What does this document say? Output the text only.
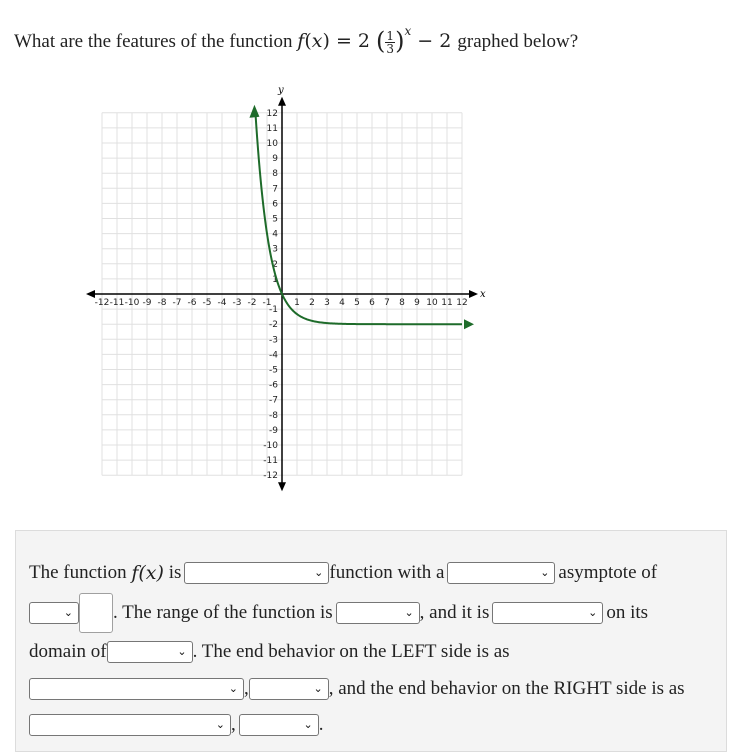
What are the features of the function f(x) = 2 ( $\frac{1}{3} )^x - 2$ graphed below?
-12 -11 -10 -9 -8 -7 -6 -5 -4 -3 -2 -1	1 2 3 4 5 6 7 8 9 10 11 12
-12
-11
-10
-9
-8
-7
-6
-5
-4
-3
-2
-1
1
2
3
4
5
6
7
8
9
10
11
12
x
y
The function
f(x)
is	⌄ function with a	⌄ asymptote of
⌄ . The range of the function is	⌄ , and it is	⌄ on its
domain of	⌄ . The end behavior on the LEFT side is as
⌄ ,	⌄ , and the end behavior on the RIGHT side is as
⌄ ,	⌄ .
